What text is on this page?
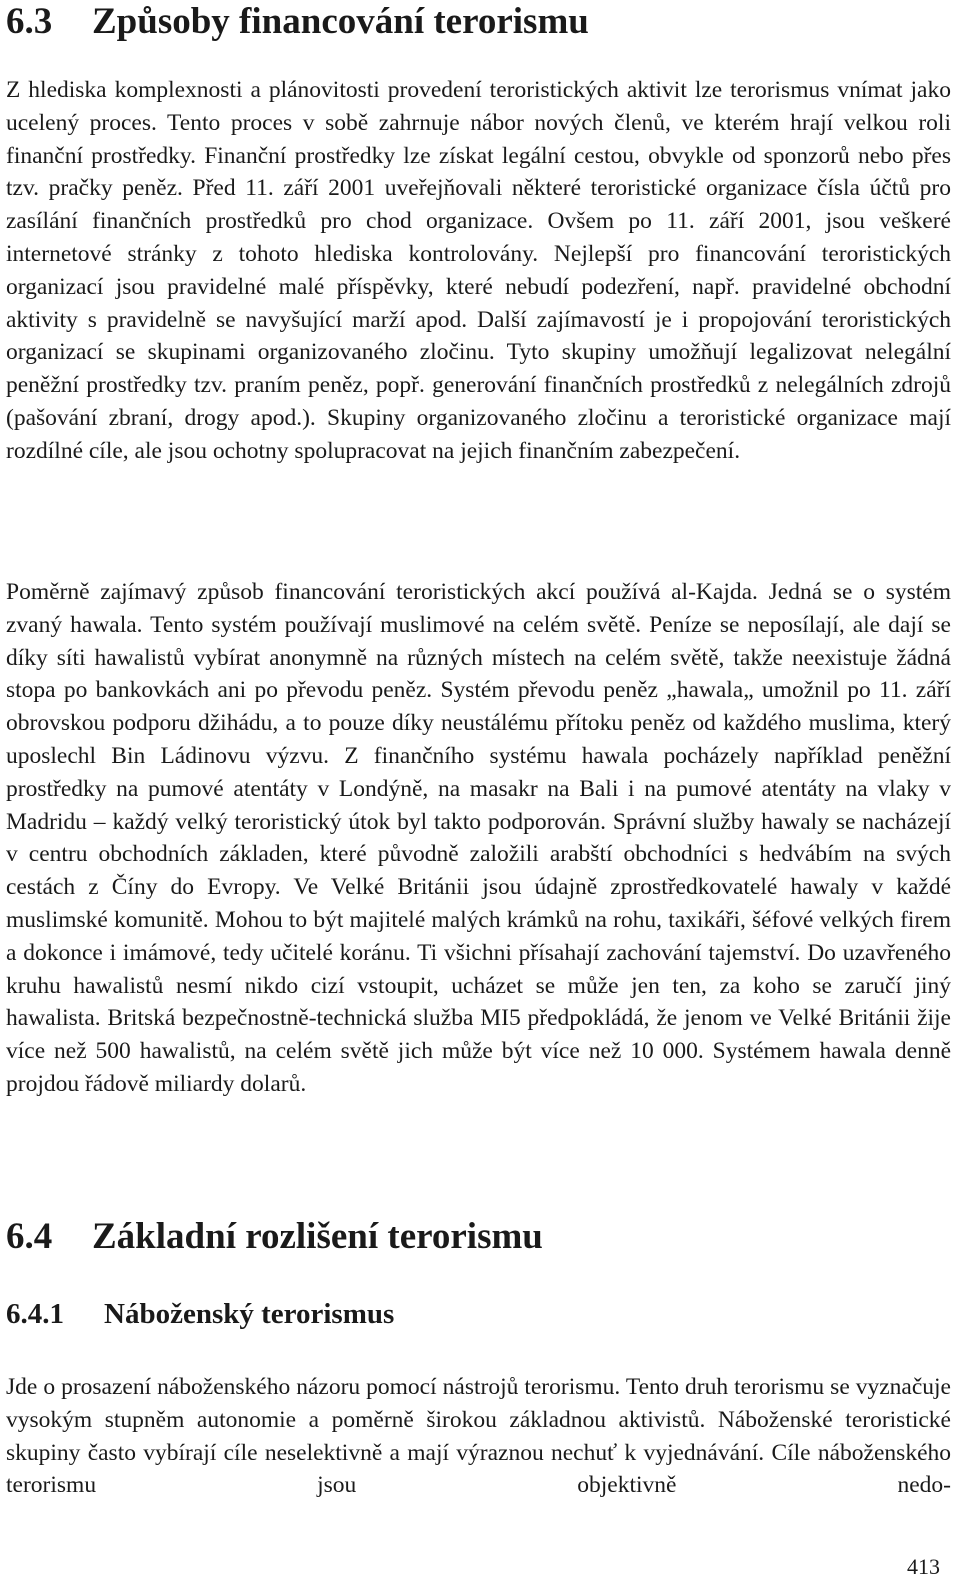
6.3 Způsoby financování terorismu

Z hlediska komplexnosti a plánovitosti provedení teroristických aktivit lze terorismus vnímat jako ucelený proces. Tento proces v sobě zahrnuje nábor nových členů, ve kterém hrají velkou roli finanční prostředky. Finanční prostředky lze získat legální cestou, obvykle od sponzorů nebo přes tzv. pračky peněz. Před 11. září 2001 uveřejňovali některé teroristické organizace čísla účtů pro zasílání finančních prostředků pro chod organizace. Ovšem po 11. září 2001, jsou veškeré internetové stránky z tohoto hlediska kontrolovány. Nejlepší pro financování teroristických organizací jsou pravidelné malé příspěvky, které nebudí podezření, např. pravidelné obchodní aktivity s pravidelně se navyšující marží apod. Další zajímavostí je i propojování teroristických organizací se skupinami organizovaného zločinu. Tyto skupiny umožňují legalizovat nelegální peněžní prostředky tzv. praním peněz, popř. generování finančních prostředků z nelegálních zdrojů (pašování zbraní, drogy apod.). Skupiny organizovaného zločinu a teroristické organizace mají rozdílné cíle, ale jsou ochotny spolupracovat na jejich finančním zabezpečení.

Poměrně zajímavý způsob financování teroristických akcí používá al-Kajda. Jedná se o systém zvaný hawala. Tento systém používají muslimové na celém světě. Peníze se neposílají, ale dají se díky síti hawalistů vybírat anonymně na různých místech na celém světě, takže neexistuje žádná stopa po bankovkách ani po převodu peněz. Systém převodu peněz „hawala„ umožnil po 11. září obrovskou podporu džihádu, a to pouze díky neustálému přítoku peněz od každého muslima, který uposlechl Bin Ládinovu výzvu. Z finančního systému hawala pocházely například peněžní prostředky na pumové atentáty v Londýně, na masakr na Bali i na pumové atentáty na vlaky v Madridu – každý velký teroristický útok byl takto podporován. Správní služby hawaly se nacházejí v centru obchodních základen, které původně založili arabští obchodníci s hedvábím na svých cestách z Číny do Evropy. Ve Velké Británii jsou údajně zprostředkovatelé hawaly v každé muslimské komunitě. Mohou to být majitelé malých krámků na rohu, taxikáři, šéfové velkých firem a dokonce i imámové, tedy učitelé koránu. Ti všichni přísahají zachování tajemství. Do uzavřeného kruhu hawalistů nesmí nikdo cizí vstoupit, ucházet se může jen ten, za koho se zaručí jiný hawalista. Britská bezpečnostně-technická služba MI5 předpokládá, že jenom ve Velké Británii žije více než 500 hawalistů, na celém světě jich může být více než 10 000. Systémem hawala denně projdou řádově miliardy dolarů.

6.4 Základní rozlišení terorismu
6.4.1 Náboženský terorismus

Jde o prosazení náboženského názoru pomocí nástrojů terorismu. Tento druh terorismu se vyznačuje vysokým stupněm autonomie a poměrně širokou základnou aktivistů. Náboženské teroristické skupiny často vybírají cíle neselektivně a mají výraznou nechuť k vyjednávání. Cíle náboženského terorismu jsou objektivně nedo-

413
